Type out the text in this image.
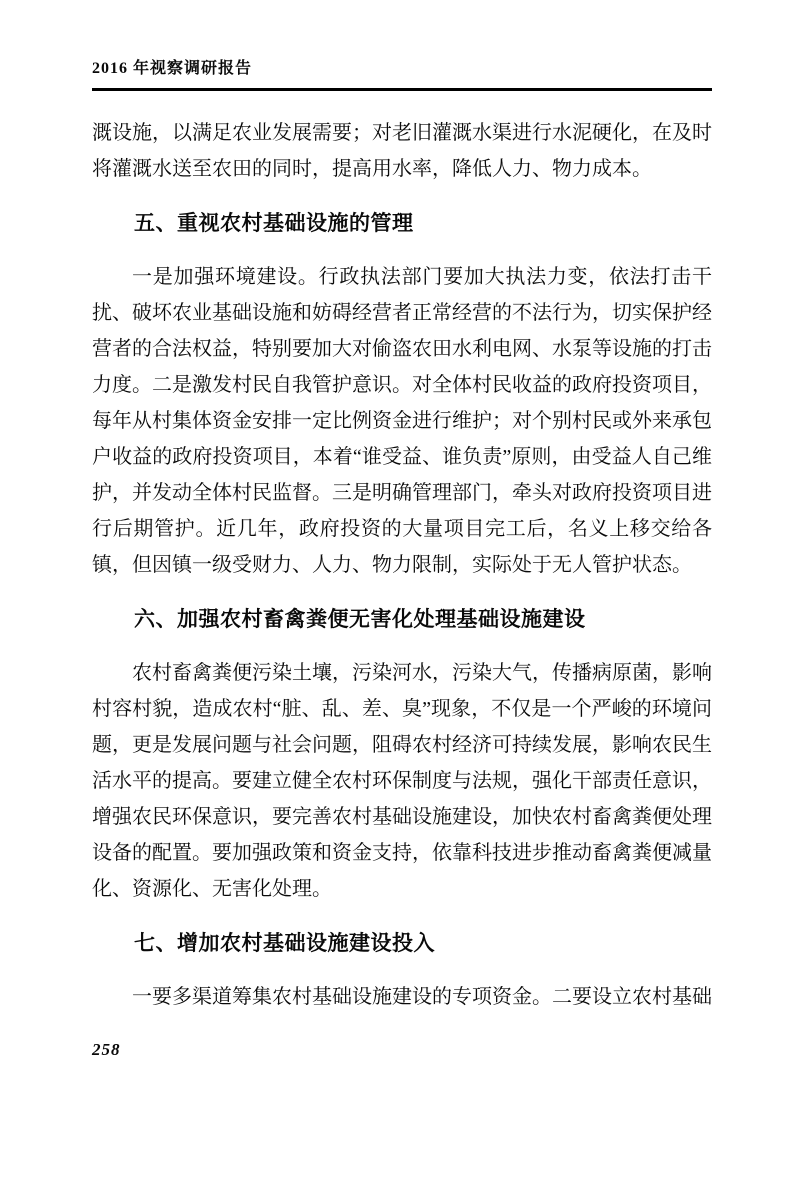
2016 年视察调研报告

溉设施，以满足农业发展需要；对老旧灌溉水渠进行水泥硬化，在及时将灌溉水送至农田的同时，提高用水率，降低人力、物力成本。

五、重视农村基础设施的管理

一是加强环境建设。行政执法部门要加大执法力变，依法打击干扰、破坏农业基础设施和妨碍经营者正常经营的不法行为，切实保护经营者的合法权益，特别要加大对偷盗农田水利电网、水泵等设施的打击力度。二是激发村民自我管护意识。对全体村民收益的政府投资项目，每年从村集体资金安排一定比例资金进行维护；对个别村民或外来承包户收益的政府投资项目，本着“谁受益、谁负责”原则，由受益人自己维护，并发动全体村民监督。三是明确管理部门，牵头对政府投资项目进行后期管护。近几年，政府投资的大量项目完工后，名义上移交给各镇，但因镇一级受财力、人力、物力限制，实际处于无人管护状态。

六、加强农村畜禽粪便无害化处理基础设施建设

农村畜禽粪便污染土壤，污染河水，污染大气，传播病原菌，影响村容村貌，造成农村“脏、乱、差、臭”现象，不仅是一个严峻的环境问题，更是发展问题与社会问题，阻碍农村经济可持续发展，影响农民生活水平的提高。要建立健全农村环保制度与法规，强化干部责任意识，增强农民环保意识，要完善农村基础设施建设，加快农村畜禽粪便处理设备的配置。要加强政策和资金支持，依靠科技进步推动畜禽粪便减量化、资源化、无害化处理。

七、增加农村基础设施建设投入

一要多渠道筹集农村基础设施建设的专项资金。二要设立农村基础

258
